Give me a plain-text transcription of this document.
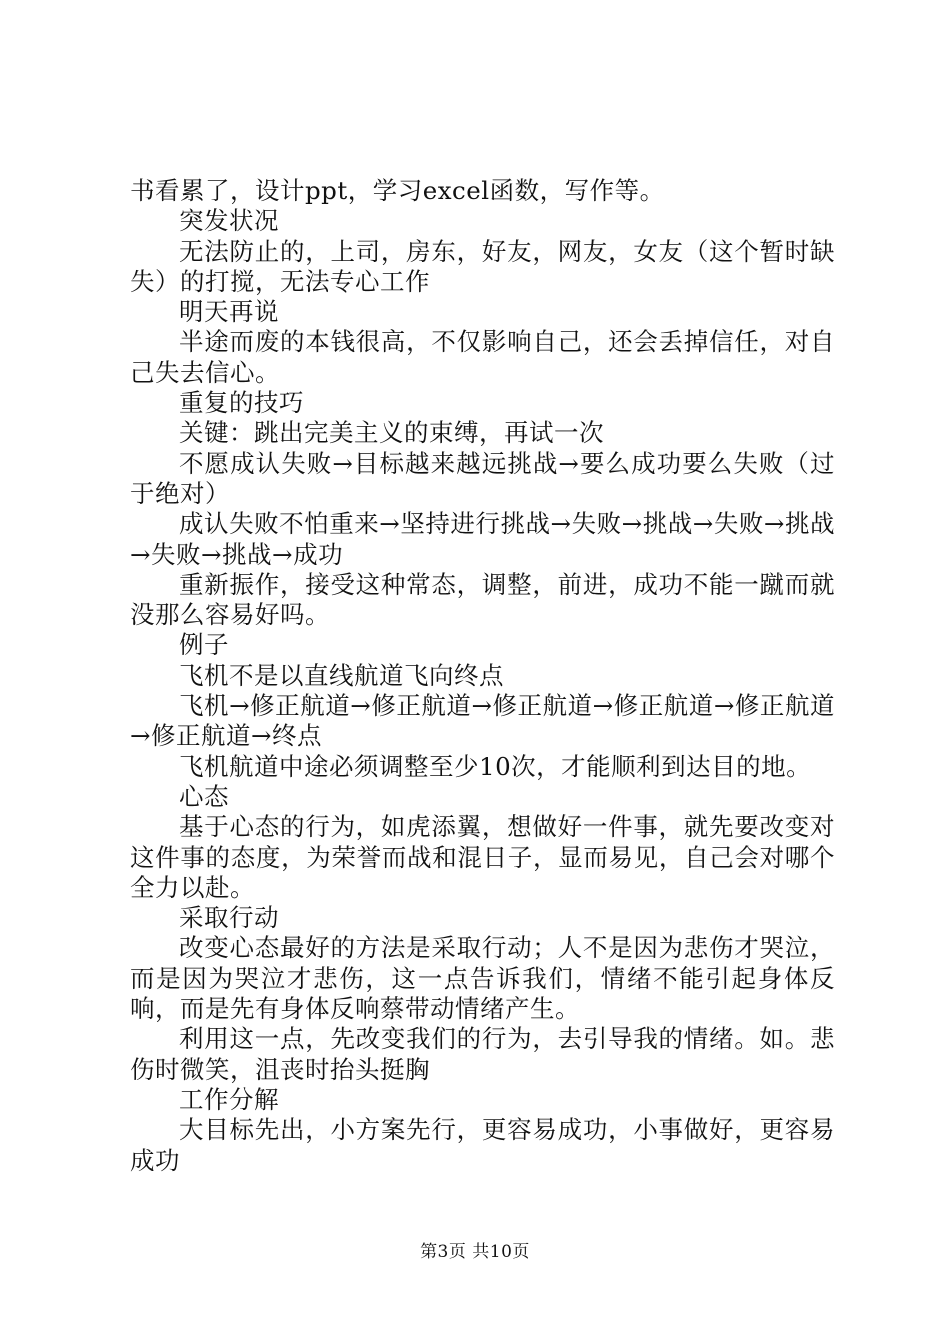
书看累了，设计ppt，学习excel函数，写作等。

突发状况

无法防止的，上司，房东，好友，网友，女友（这个暂时缺失）的打搅，无法专心工作

明天再说

半途而废的本钱很高，不仅影响自己，还会丢掉信任，对自己失去信心。

重复的技巧

关键：跳出完美主义的束缚，再试一次

不愿成认失败→目标越来越远挑战→要么成功要么失败（过于绝对）

成认失败不怕重来→坚持进行挑战→失败→挑战→失败→挑战→失败→挑战→成功

重新振作，接受这种常态，调整，前进，成功不能一蹴而就没那么容易好吗。

例子

飞机不是以直线航道飞向终点

飞机→修正航道→修正航道→修正航道→修正航道→修正航道→修正航道→终点

飞机航道中途必须调整至少10次，才能顺利到达目的地。

心态

基于心态的行为，如虎添翼，想做好一件事，就先要改变对这件事的态度，为荣誉而战和混日子，显而易见，自己会对哪个全力以赴。

采取行动

改变心态最好的方法是采取行动；人不是因为悲伤才哭泣，而是因为哭泣才悲伤，这一点告诉我们，情绪不能引起身体反响，而是先有身体反响蔡带动情绪产生。

利用这一点，先改变我们的行为，去引导我的情绪。如。悲伤时微笑，沮丧时抬头挺胸

工作分解

大目标先出，小方案先行，更容易成功，小事做好，更容易成功

第3页 共10页
